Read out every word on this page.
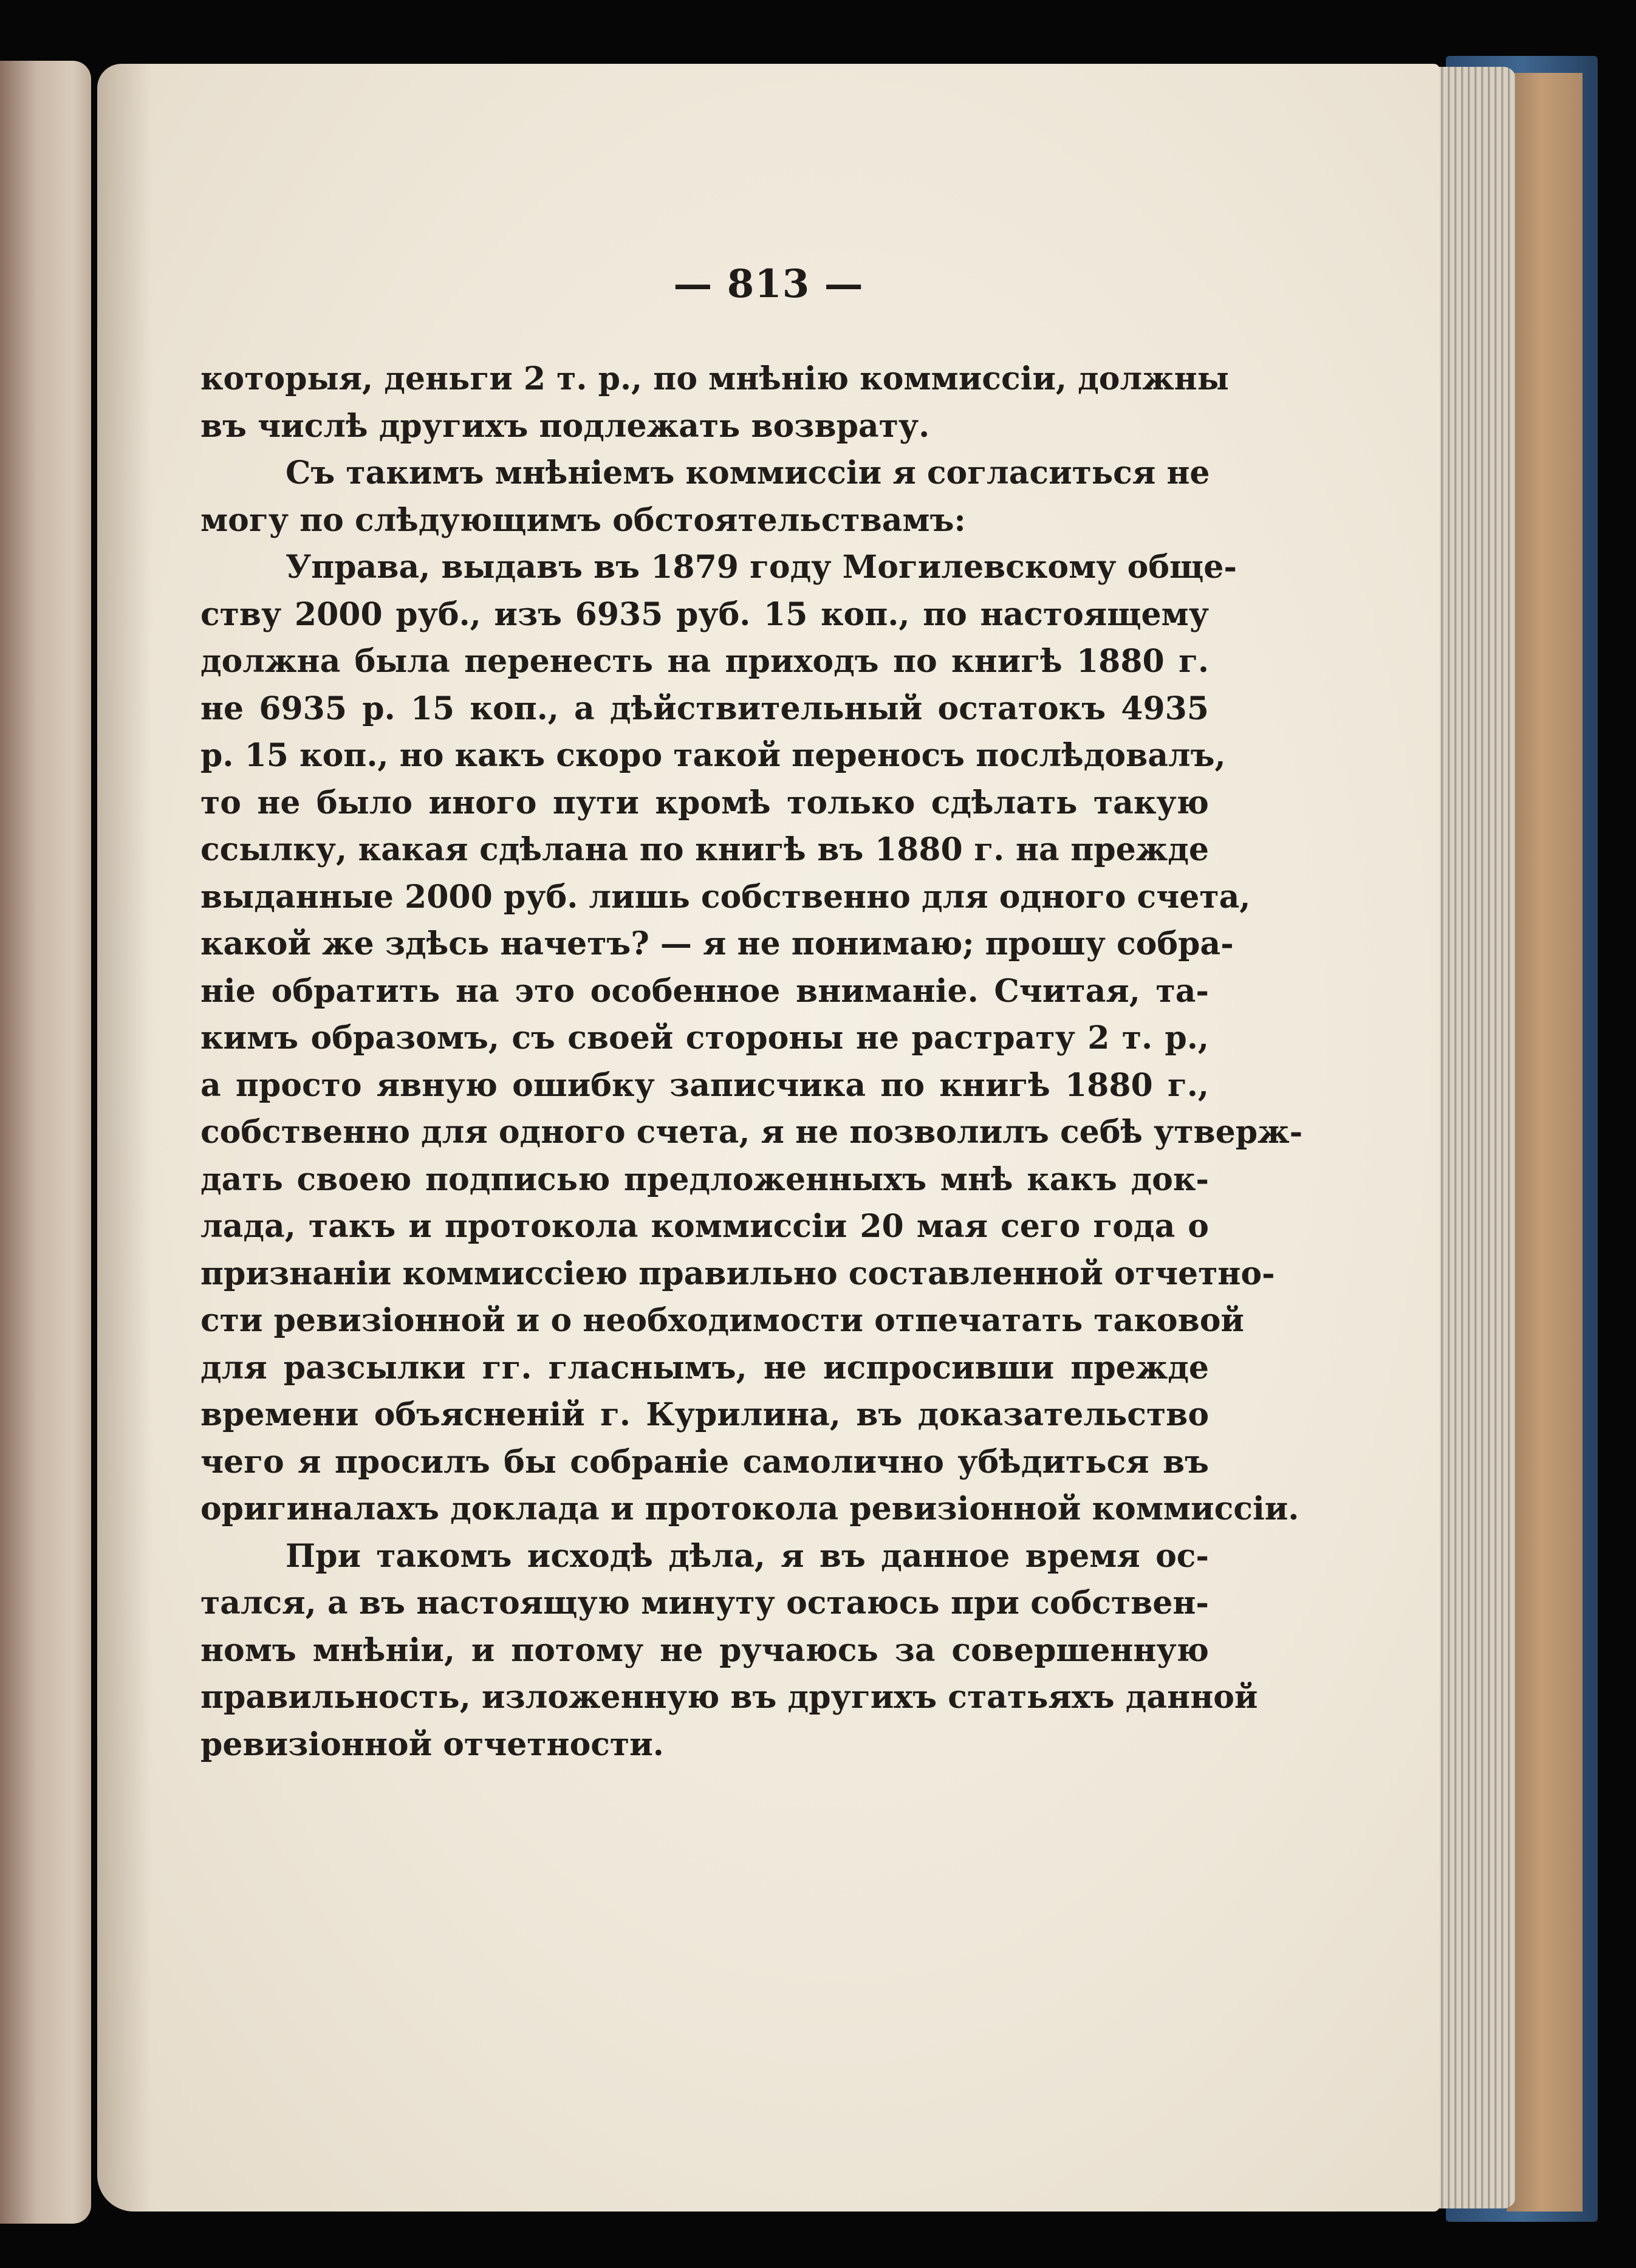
— 813 —
которыя, деньги 2 т. р., по мнѣнію коммиссіи, должны
въ числѣ другихъ подлежать возврату.
Съ такимъ мнѣніемъ коммиссіи я согласиться не
могу по слѣдующимъ обстоятельствамъ:
Управа, выдавъ въ 1879 году Могилевскому обще-
ству 2000 руб., изъ 6935 руб. 15 коп., по настоящему
должна была перенесть на приходъ по книгѣ 1880 г.
не 6935 р. 15 коп., а дѣйствительный остатокъ 4935
р. 15 коп., но какъ скоро такой переносъ послѣдовалъ,
то не было иного пути кромѣ только сдѣлать такую
ссылку, какая сдѣлана по книгѣ въ 1880 г. на прежде
выданные 2000 руб. лишь собственно для одного счета,
какой же здѣсь начетъ? — я не понимаю; прошу собра-
ніе обратить на это особенное вниманіе. Считая, та-
кимъ образомъ, съ своей стороны не растрату 2 т. р.,
а просто явную ошибку записчика по книгѣ 1880 г.,
собственно для одного счета, я не позволилъ себѣ утверж-
дать своею подписью предложенныхъ мнѣ какъ док-
лада, такъ и протокола коммиссіи 20 мая сего года о
признаніи коммиссіею правильно составленной отчетно-
сти ревизіонной и о необходимости отпечатать таковой
для разсылки гг. гласнымъ, не испросивши прежде
времени объясненій г. Курилина, въ доказательство
чего я просилъ бы собраніе самолично убѣдиться въ
оригиналахъ доклада и протокола ревизіонной коммиссіи.
При такомъ исходѣ дѣла, я въ данное время ос-
тался, а въ настоящую минуту остаюсь при собствен-
номъ мнѣніи, и потому не ручаюсь за совершенную
правильность, изложенную въ другихъ статьяхъ данной
ревизіонной отчетности.
